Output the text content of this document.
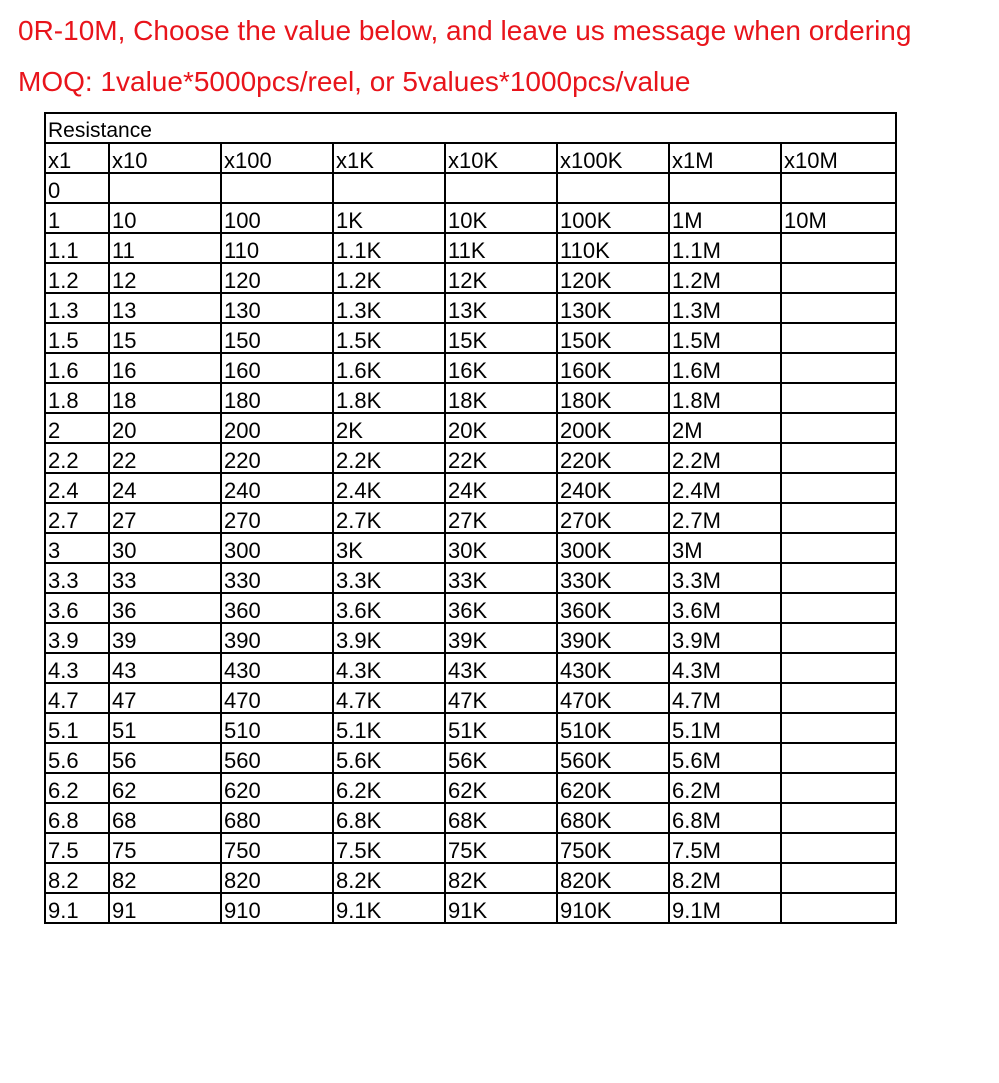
0R-10M, Choose the value below, and leave us message when ordering
MOQ: 1value*5000pcs/reel, or 5values*1000pcs/value
Resistance							
x1	x10	x100	x1K	x10K	x100K	x1M	x10M
0							
1	10	100	1K	10K	100K	1M	10M
1.1	11	110	1.1K	11K	110K	1.1M	
1.2	12	120	1.2K	12K	120K	1.2M	
1.3	13	130	1.3K	13K	130K	1.3M	
1.5	15	150	1.5K	15K	150K	1.5M	
1.6	16	160	1.6K	16K	160K	1.6M	
1.8	18	180	1.8K	18K	180K	1.8M	
2	20	200	2K	20K	200K	2M	
2.2	22	220	2.2K	22K	220K	2.2M	
2.4	24	240	2.4K	24K	240K	2.4M	
2.7	27	270	2.7K	27K	270K	2.7M	
3	30	300	3K	30K	300K	3M	
3.3	33	330	3.3K	33K	330K	3.3M	
3.6	36	360	3.6K	36K	360K	3.6M	
3.9	39	390	3.9K	39K	390K	3.9M	
4.3	43	430	4.3K	43K	430K	4.3M	
4.7	47	470	4.7K	47K	470K	4.7M	
5.1	51	510	5.1K	51K	510K	5.1M	
5.6	56	560	5.6K	56K	560K	5.6M	
6.2	62	620	6.2K	62K	620K	6.2M	
6.8	68	680	6.8K	68K	680K	6.8M	
7.5	75	750	7.5K	75K	750K	7.5M	
8.2	82	820	8.2K	82K	820K	8.2M	
9.1	91	910	9.1K	91K	910K	9.1M	
